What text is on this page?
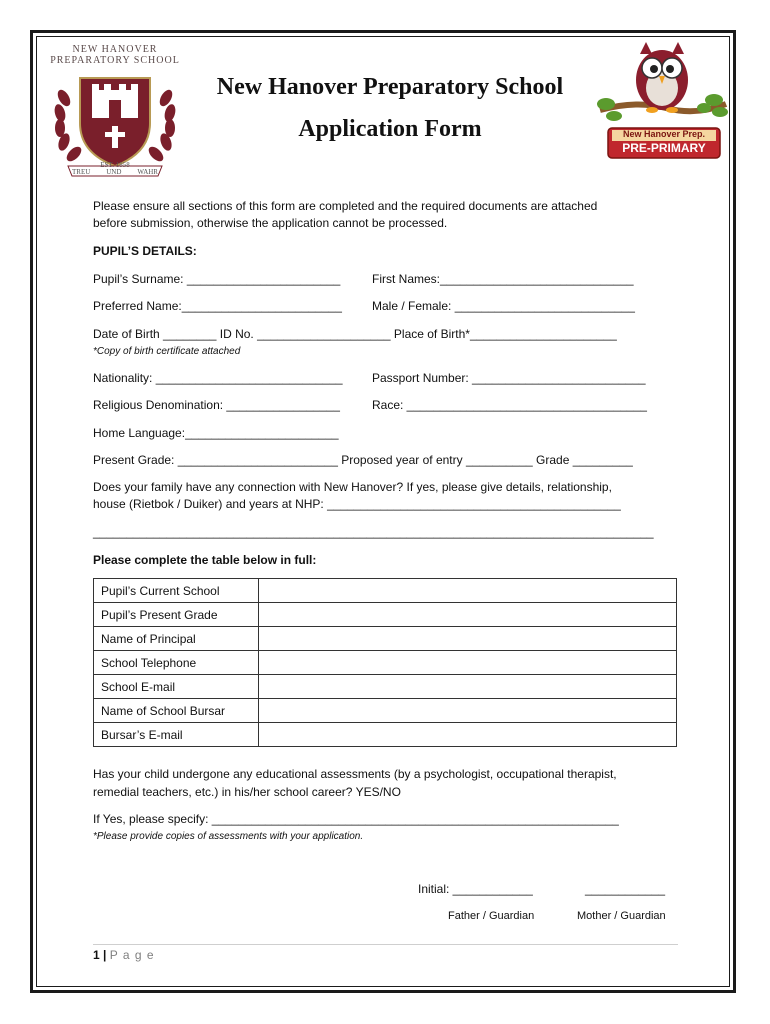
NEW HANOVER
PREPARATORY SCHOOL
EST. 1858
TREU UND WAHR
New Hanover Preparatory School
Application Form	New Hanover Prep.
PRE-PRIMARY
Please ensure all sections of this form are completed and the required documents are attached
before submission, otherwise the application cannot be processed.
PUPIL’S DETAILS:
Pupil’s Surname: _______________________	First Names:_____________________________
Preferred Name:________________________	Male / Female: ___________________________
Date of Birth ________ ID No. ____________________ Place of Birth*______________________
*Copy of birth certificate attached
Nationality: ____________________________ Passport Number: __________________________
Religious Denomination: _________________	Race: ____________________________________
Home Language:_______________________
Present Grade: ________________________ Proposed year of entry __________ Grade _________
Does your family have any connection with New Hanover? If yes, please give details, relationship,
house (Rietbok / Duiker) and years at NHP: ____________________________________________
____________________________________________________________________________________
Please complete the table below in full:
Pupil’s Current School	
Pupil’s Present Grade	
Name of Principal	
School Telephone	
School E-mail	
Name of School Bursar	
Bursar’s E-mail	
Has your child undergone any educational assessments (by a psychologist, occupational therapist,
remedial teachers, etc.) in his/her school career? YES/NO
If Yes, please specify: _____________________________________________________________
*Please provide copies of assessments with your application.
Initial: ____________	____________
Father / Guardian	Mother / Guardian
1 | P a g e
